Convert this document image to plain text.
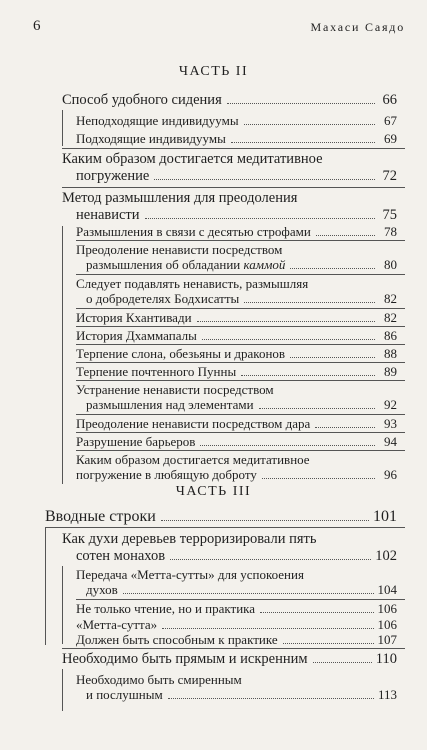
6	Махаси Саядо
ЧАСТЬ II
Способ удобного сидения	66
Неподходящие индивидуумы	67
Подходящие индивидуумы	69
Каким образом достигается медитативное
погружение	72
Метод размышления для преодоления
ненависти	75
Размышления в связи с десятью строфами	78
Преодоление ненависти посредством
размышления об обладании
каммой	80
Следует подавлять ненависть, размышляя
о добродетелях Бодхисатты	82
История Кхантивади	82
История Дхаммапалы	86
Терпение слона, обезьяны и драконов	88
Терпение почтенного Пунны	89
Устранение ненависти посредством
размышления над элементами	92
Преодоление ненависти посредством дара	93
Разрушение барьеров	94
Каким образом достигается медитативное
погружение в любящую доброту	96
ЧАСТЬ III
Вводные строки	101
Как духи деревьев терроризировали пять
сотен монахов	102
Передача «Метта-сутты» для успокоения
духов	104
Не только чтение, но и практика	106
«Метта-сутта»	106
Должен быть способным к практике	107
Необходимо быть прямым и искренним	110
Необходимо быть смиренным
и послушным	113
